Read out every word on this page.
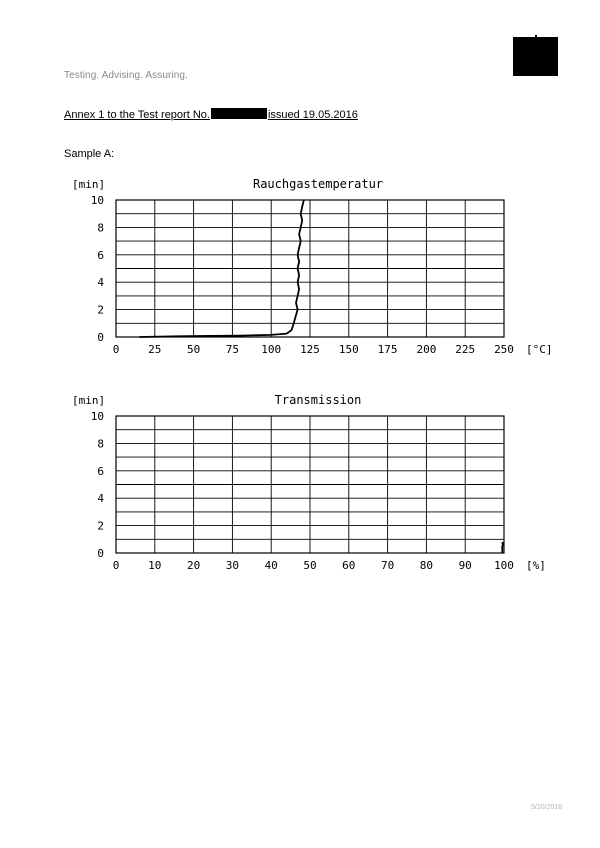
Testing. Advising. Assuring.
Annex 1 to the Test report No.	issued 19.05.2016
Sample A:
Rauchgastemperatur
[min]
0
2
4
6
8
10
0	25 50 75 100 125 150 175 200 225 250 [°C]
Transmission
[min]
0
2
4
6
8
10
0	10 20 30 40 50 60 70 80 90 100 [%]
5/20/2016
